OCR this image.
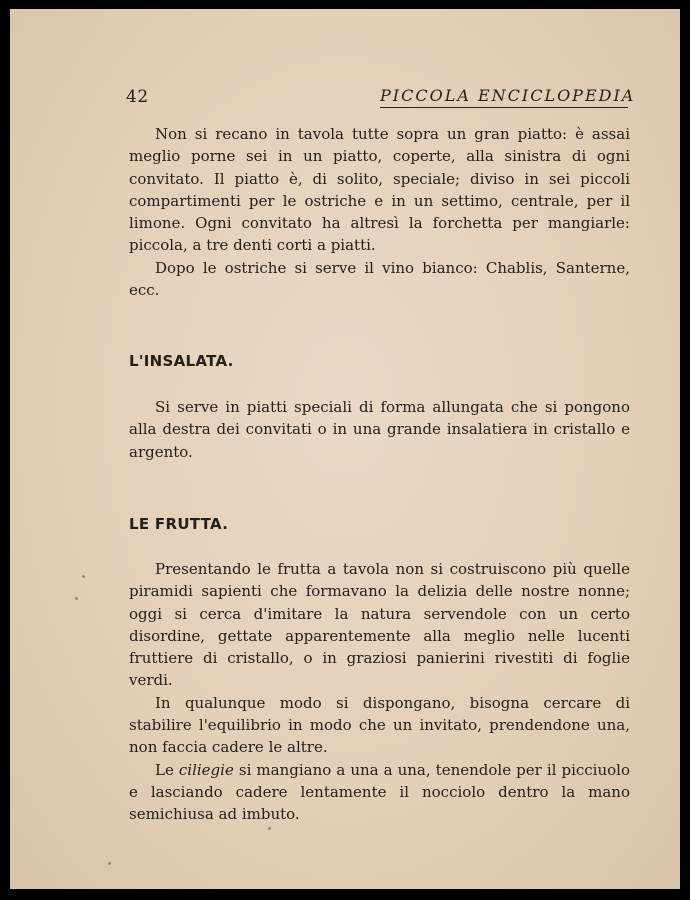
42	PICCOLA ENCICLOPEDIA

Non si recano in tavola tutte sopra un gran piatto: è assai meglio porne sei in un piatto, coperte, alla sinistra di ogni convitato. Il piatto è, di solito, speciale; diviso in sei piccoli compartimenti per le ostriche e in un settimo, centrale, per il limone. Ogni convitato ha altresì la forchetta per mangiarle: piccola, a tre denti corti a piatti.

Dopo le ostriche si serve il vino bianco: Chablis, Santerne, ecc.

L'INSALATA.

Si serve in piatti speciali di forma allungata che si pongono alla destra dei convitati o in una grande insalatiera in cristallo e argento.

LE FRUTTA.

Presentando le frutta a tavola non si costruiscono più quelle piramidi sapienti che formavano la delizia delle nostre nonne; oggi si cerca d'imitare la natura servendole con un certo disordine, gettate apparentemente alla meglio nelle lucenti fruttiere di cristallo, o in graziosi panierini rivestiti di foglie verdi.

In qualunque modo si dispongano, bisogna cercare di stabilire l'equilibrio in modo che un invitato, prendendone una, non faccia cadere le altre.

Le ciliegie si mangiano a una a una, tenendole per il picciuolo e lasciando cadere lentamente il nocciolo dentro la mano semichiusa ad imbuto.
